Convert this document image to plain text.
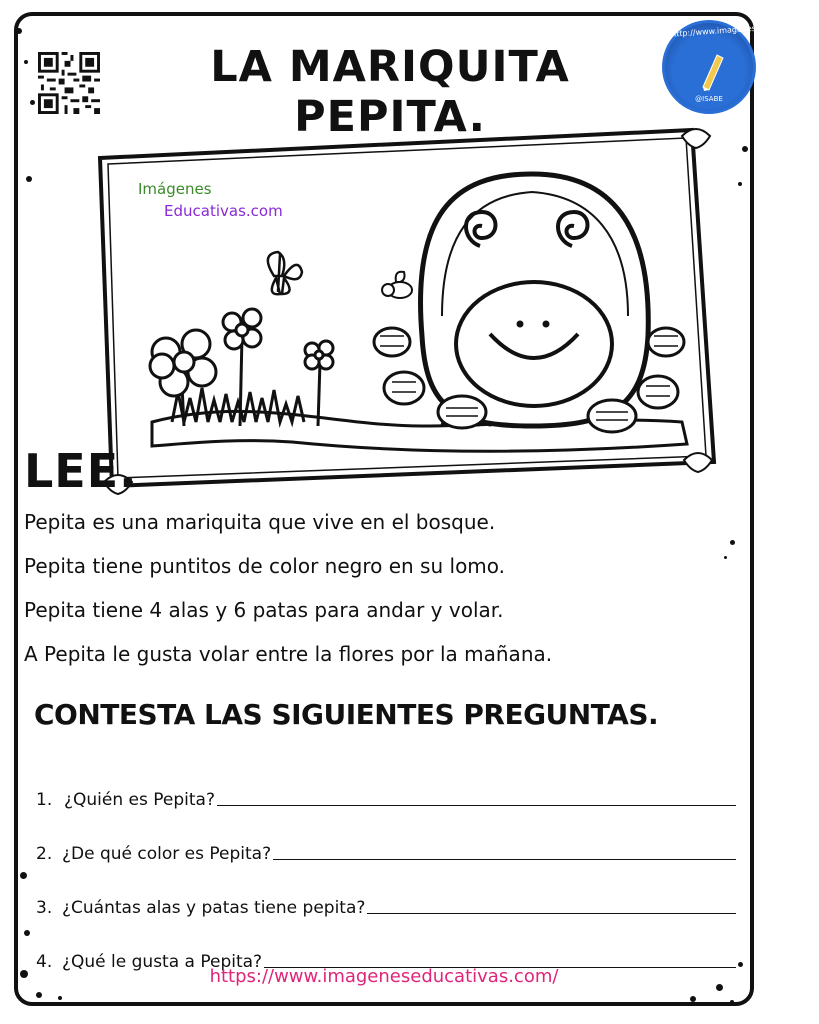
http://www.imageneseducativas.com
@ISABE
LA MARIQUITA PEPITA.
Imágenes
Educativas.com
LEE.

Pepita es una mariquita que vive en el bosque.

Pepita tiene puntitos de color negro en su lomo.

Pepita tiene 4 alas y 6 patas para andar y volar.

A Pepita le gusta volar entre la flores por la mañana.

CONTESTA LAS SIGUIENTES PREGUNTAS.
1. ¿Quién es Pepita?
2. ¿De qué color es Pepita?
3. ¿Cuántas alas y patas tiene pepita?
4. ¿Qué le gusta a Pepita?
https://www.imageneseducativas.com/
